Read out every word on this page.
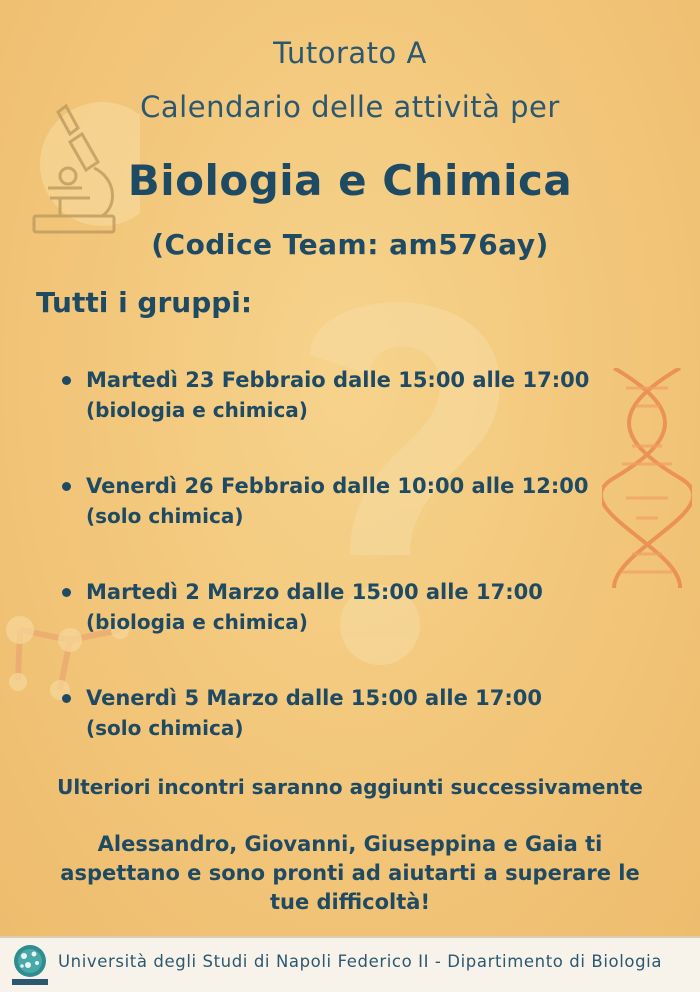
Tutorato A
Calendario delle attività per
Biologia e Chimica
(Codice Team: am576ay)
Tutti i gruppi:
Martedì 23 Febbraio dalle 15:00 alle 17:00
(biologia e chimica)
Venerdì 26 Febbraio dalle 10:00 alle 12:00
(solo chimica)
Martedì 2 Marzo dalle 15:00 alle 17:00
(biologia e chimica)
Venerdì 5 Marzo dalle 15:00 alle 17:00
(solo chimica)
Ulteriori incontri saranno aggiunti successivamente
Alessandro, Giovanni, Giuseppina e Gaia ti aspettano e sono pronti ad aiutarti a superare le tue difficoltà!
Università degli Studi di Napoli Federico II - Dipartimento di Biologia
